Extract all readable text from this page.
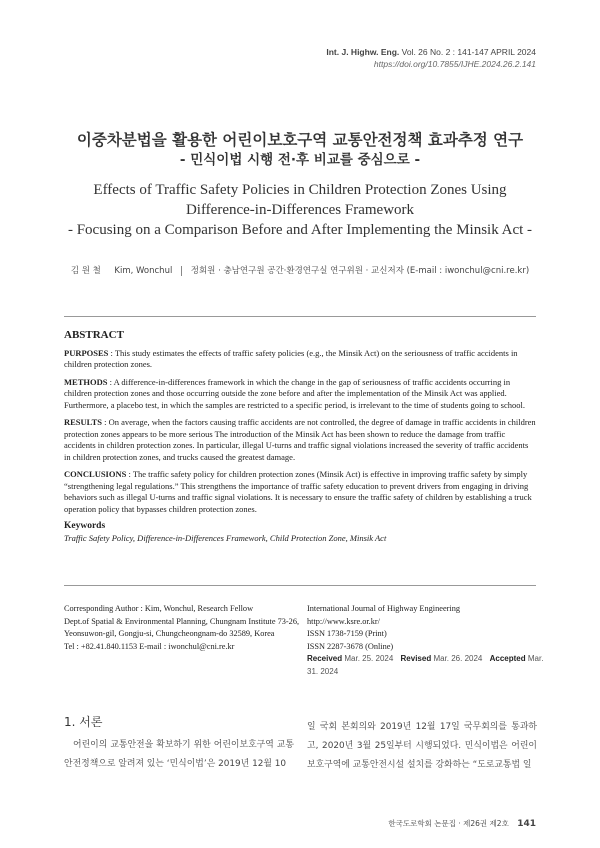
Int. J. Highw. Eng. Vol. 26 No. 2 : 141-147 APRIL 2024
https://doi.org/10.7855/IJHE.2024.26.2.141
이중차분법을 활용한 어린이보호구역 교통안전정책 효과추정 연구
- 민식이법 시행 전·후 비교를 중심으로 -
Effects of Traffic Safety Policies in Children Protection Zones Using
Difference-in-Differences Framework
- Focusing on a Comparison Before and After Implementing the Minsik Act -
김 원 철 Kim, Wonchul 정회원 · 충남연구원 공간·환경연구실 연구위원 · 교신저자 (E-mail : iwonchul@cni.re.kr)
ABSTRACT

PURPOSES : This study estimates the effects of traffic safety policies (e.g., the Minsik Act) on the seriousness of traffic accidents in children protection zones.

METHODS : A difference-in-differences framework in which the change in the gap of seriousness of traffic accidents occurring in children protection zones and those occurring outside the zone before and after the implementation of the Minsik Act was applied. Furthermore, a placebo test, in which the samples are restricted to a specific period, is irrelevant to the time of students going to school.

RESULTS : On average, when the factors causing traffic accidents are not controlled, the degree of damage in traffic accidents in children protection zones appears to be more serious The introduction of the Minsik Act has been shown to reduce the damage from traffic accidents in children protection zones. In particular, illegal U-turns and traffic signal violations increased the severity of traffic accidents in children protection zones, and trucks caused the greatest damage.

CONCLUSIONS : The traffic safety policy for children protection zones (Minsik Act) is effective in improving traffic safety by simply “strengthening legal regulations.” This strengthens the importance of traffic safety education to prevent drivers from engaging in driving behaviors such as illegal U-turns and traffic signal violations. It is necessary to ensure the traffic safety of children by establishing a truck operation policy that bypasses children protection zones.

Keywords
Traffic Safety Policy, Difference-in-Differences Framework, Child Protection Zone, Minsik Act
Corresponding Author : Kim, Wonchul, Research Fellow
Dept.of Spatial & Environmental Planning, Chungnam Institute 73-26,
Yeonsuwon-gil, Gongju-si, Chungcheongnam-do 32589, Korea
Tel : +82.41.840.1153 E-mail : iwonchul@cni.re.kr
International Journal of Highway Engineering
http://www.ksre.or.kr/
ISSN 1738-7159 (Print)
ISSN 2287-3678 (Online)
Received Mar. 25. 2024 Revised Mar. 26. 2024 Accepted Mar. 31. 2024
1. 서론
어린이의 교통안전을 확보하기 위한 어린이보호구역 교통안전정책으로 알려져 있는 ‘민식이법’은 2019년 12월 10
일 국회 본회의와 2019년 12월 17일 국무회의를 통과하고, 2020년 3월 25일부터 시행되었다. 민식이법은 어린이보호구역에 교통안전시설 설치를 강화하는 “도로교통법 일
한국도로학회 논문집 · 제26권 제2호 141
